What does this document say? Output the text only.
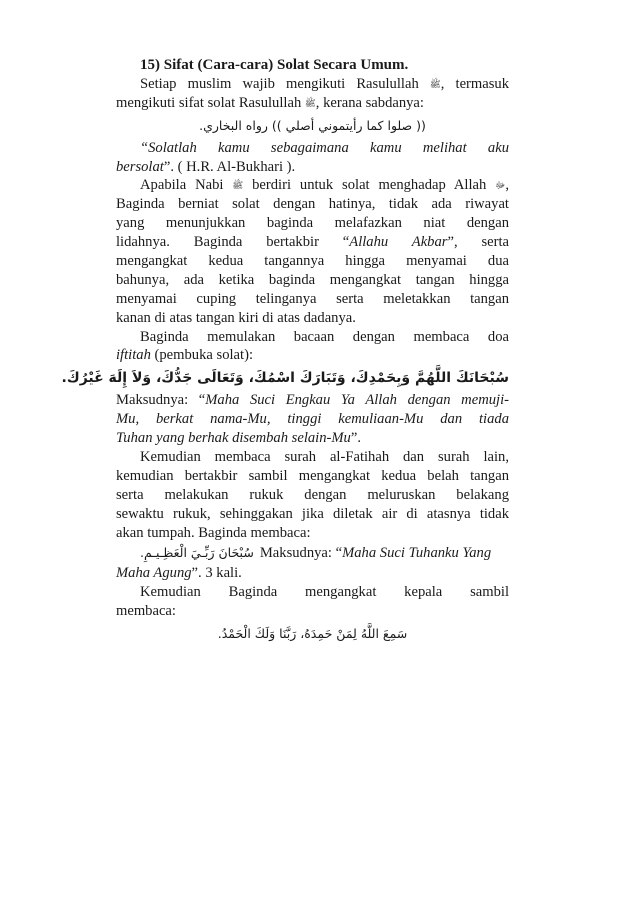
15) Sifat (Cara-cara) Solat Secara Umum.
Setiap muslim wajib mengikuti Rasulullah ﷺ, termasuk
mengikuti sifat solat Rasulullah ﷺ, kerana sabdanya:
(( صلوا كما رأيتموني أصلي )) رواه البخاري.
“Solatlah kamu sebagaimana kamu melihat aku
bersolat”. ( H.R. Al-Bukhari ).
Apabila Nabi ﷺ berdiri untuk solat menghadap Allah ﷻ,
Baginda berniat solat dengan hatinya, tidak ada riwayat
yang menunjukkan baginda melafazkan niat dengan
lidahnya. Baginda bertakbir “Allahu Akbar”, serta
mengangkat kedua tangannya hingga menyamai dua
bahunya, ada ketika baginda mengangkat tangan hingga
menyamai cuping telinganya serta meletakkan tangan
kanan di atas tangan kiri di atas dadanya.
Baginda memulakan bacaan dengan membaca doa
iftitah (pembuka solat):
سُبْحَانَكَ اللَّهُمَّ وَبِحَمْدِكَ، وَتَبَارَكَ اسْمُكَ، وَتَعَالَى جَدُّكَ، وَلاَ إِلَهَ غَيْرُكَ.
Maksudnya: “Maha Suci Engkau Ya Allah dengan memuji-
Mu, berkat nama-Mu, tinggi kemuliaan-Mu dan tiada
Tuhan yang berhak disembah selain-Mu”.
Kemudian membaca surah al-Fatihah dan surah lain,
kemudian bertakbir sambil mengangkat kedua belah tangan
serta melakukan rukuk dengan meluruskan belakang
sewaktu rukuk, sehinggakan jika diletak air di atasnya tidak
akan tumpah. Baginda membaca:
سُبْحَانَ رَبِّـيَ الْعَظِـيـمِ. Maksudnya: “ Maha Suci Tuhanku Yang
Maha Agung”. 3 kali.
Kemudian Baginda mengangkat kepala sambil
membaca:
سَمِعَ اللَّهُ لِمَنْ حَمِدَهُ، رَبَّنَا وَلَكَ الْحَمْدُ.
